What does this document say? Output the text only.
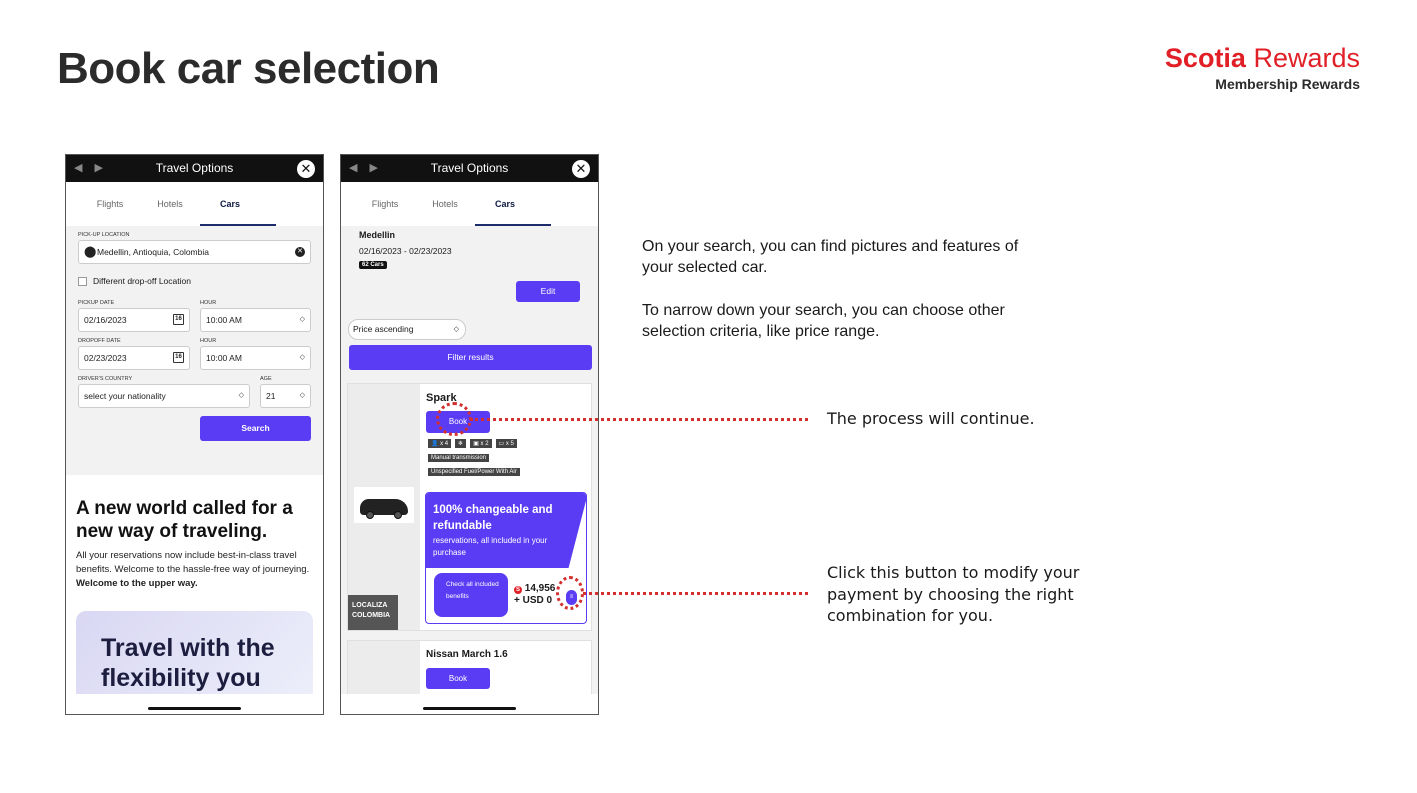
Book car selection	Scotia Rewards
Membership Rewards
◀▶	Travel Options	✕
Flights	Hotels	Cars
PICK-UP LOCATION
⬤ Medellin, Antioquia, Colombia	✕
Different drop-off Location
PICKUP DATE
02/16/2023	16
HOUR
10:00 AM	◇
DROPOFF DATE
02/23/2023	16
HOUR
10:00 AM	◇
DRIVER'S COUNTRY
select your nationality	◇
AGE
21	◇
Search
A new world called for a new way of traveling.

All your reservations now include best-in-class travel benefits. Welcome to the hassle-free way of journeying. Welcome to the upper way.

Travel with the flexibility you
◀▶	Travel Options	✕
Flights	Hotels	Cars
Medellin
02/16/2023 - 02/23/2023
62 Cars
Edit
Price ascending	◇
Filter results
LOCALIZA COLOMBIA
Spark
Book
👤 x 4	❄	▣ x 2	▭ x 5
Manual transmission
Unspecified Fuel/Power With Air
100% changeable and refundable
reservations, all included in your purchase
Check all included benefits
S 14,956
+ USD 0	≡
Nissan March 1.6
Book
On your search, you can find pictures and features of your selected car.
To narrow down your search, you can choose other selection criteria, like price range.
The process will continue.
Click this button to modify your payment by choosing the right combination for you.
